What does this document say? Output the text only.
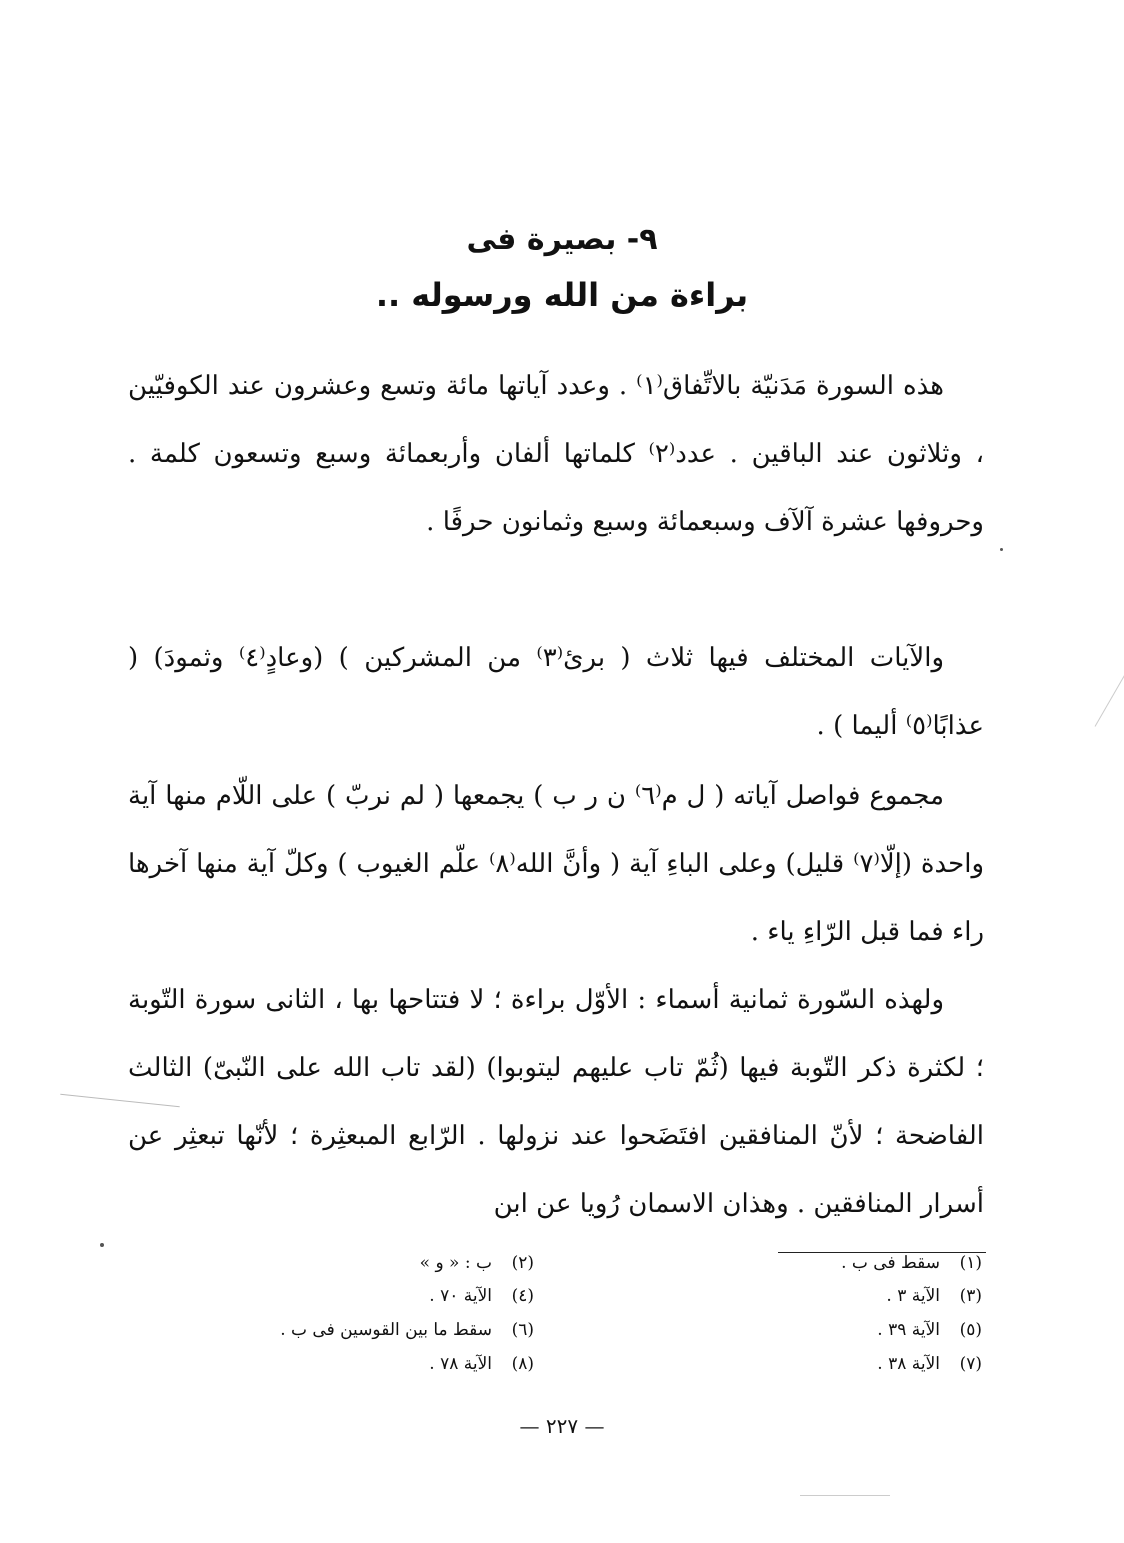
٩- بصيرة فى
براءة من الله ورسوله ..

هذه السورة مَدَنيّة بالاتِّفاق⁽١⁾ . وعدد آياتها مائة وتسع وعشرون عند الكوفيّين ، وثلاثون عند الباقين . عدد⁽٢⁾ كلماتها ألفان وأربعمائة وسبع وتسعون كلمة . وحروفها عشرة آلآف وسبعمائة وسبع وثمانون حرفًا .

والآيات المختلف فيها ثلاث ( برئ⁽٣⁾ من المشركين ) (وعادٍ⁽٤⁾ وثمودَ) ( عذابًا⁽٥⁾ أليما ) .

مجموع فواصل آياته ( ل م⁽٦⁾ ن ر ب ) يجمعها ( لم نربّ ) على اللّام منها آية واحدة (إلّا⁽٧⁾ قليل) وعلى الباءِ آية ( وأنَّ الله⁽٨⁾ علّم الغيوب ) وكلّ آية منها آخرها راء فما قبل الرّاءِ ياء .

ولهذه السّورة ثمانية أسماء : الأوّل براءة ؛ لا فتتاحها بها ، الثانى سورة التّوبة ؛ لكثرة ذكر التّوبة فيها (ثُمّ تاب عليهم ليتوبوا) (لقد تاب الله على النّبىّ) الثالث الفاضحة ؛ لأنّ المنافقين افتَضَحوا عند نزولها . الرّابع المبعثِرة ؛ لأنّها تبعثِر عن أسرار المنافقين . وهذان الاسمان رُويا عن ابن

(١)سقط فى ب .
(٢)ب : « و »
(٣)الآية ٣ .
(٤)الآية ٧٠ .
(٥)الآية ٣٩ .
(٦)سقط ما بين القوسين فى ب .
(٧)الآية ٣٨ .
(٨)الآية ٧٨ .
— ٢٢٧ —
